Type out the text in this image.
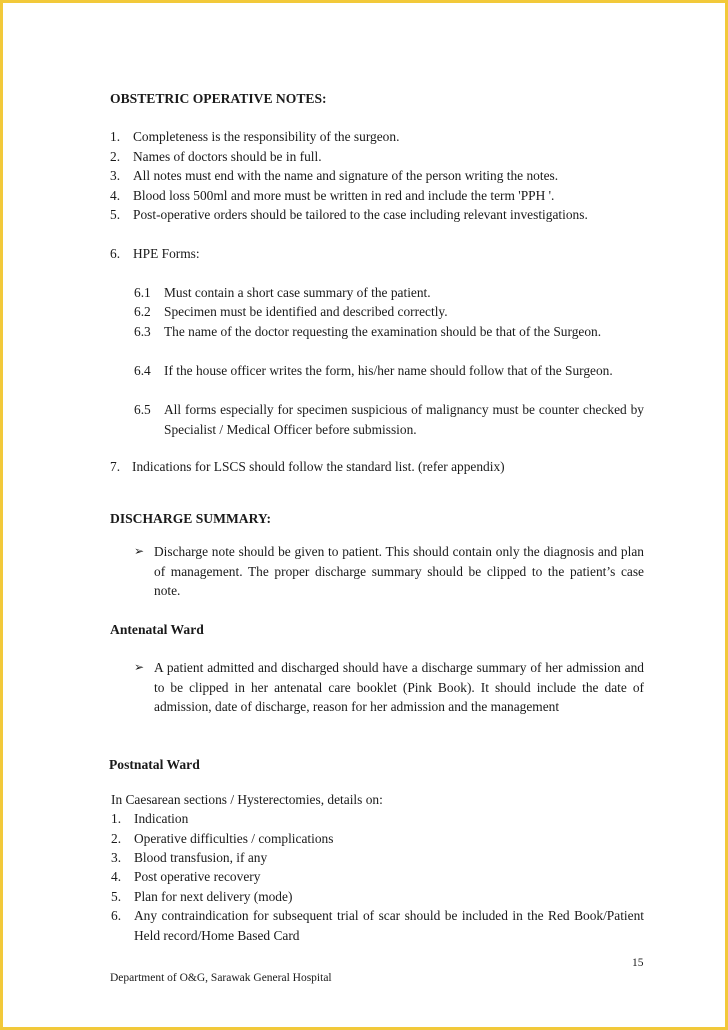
OBSTETRIC OPERATIVE NOTES:
1. Completeness is the responsibility of the surgeon.
2. Names of doctors should be in full.
3. All notes must end with the name and signature of the person writing the notes.
4. Blood loss 500ml and more must be written in red and include the term 'PPH '.
5. Post-operative orders should be tailored to the case including relevant investigations.
6. HPE Forms:
6.1 Must contain a short case summary of the patient.
6.2 Specimen must be identified and described correctly.
6.3 The name of the doctor requesting the examination should be that of the Surgeon.
6.4 If the house officer writes the form, his/her name should follow that of the Surgeon.
6.5 All forms especially for specimen suspicious of malignancy must be counter checked by Specialist / Medical Officer before submission.
7. Indications for LSCS should follow the standard list. (refer appendix)
DISCHARGE SUMMARY:
➢ Discharge note should be given to patient. This should contain only the diagnosis and plan of management. The proper discharge summary should be clipped to the patient’s case note.
Antenatal Ward
➢ A patient admitted and discharged should have a discharge summary of her admission and to be clipped in her antenatal care booklet (Pink Book). It should include the date of admission, date of discharge, reason for her admission and the management
Postnatal Ward
In Caesarean sections / Hysterectomies, details on:
1. Indication
2. Operative difficulties / complications
3. Blood transfusion, if any
4. Post operative recovery
5. Plan for next delivery (mode)
6. Any contraindication for subsequent trial of scar should be included in the Red Book/Patient Held record/Home Based Card
15
Department of O&G, Sarawak General Hospital
